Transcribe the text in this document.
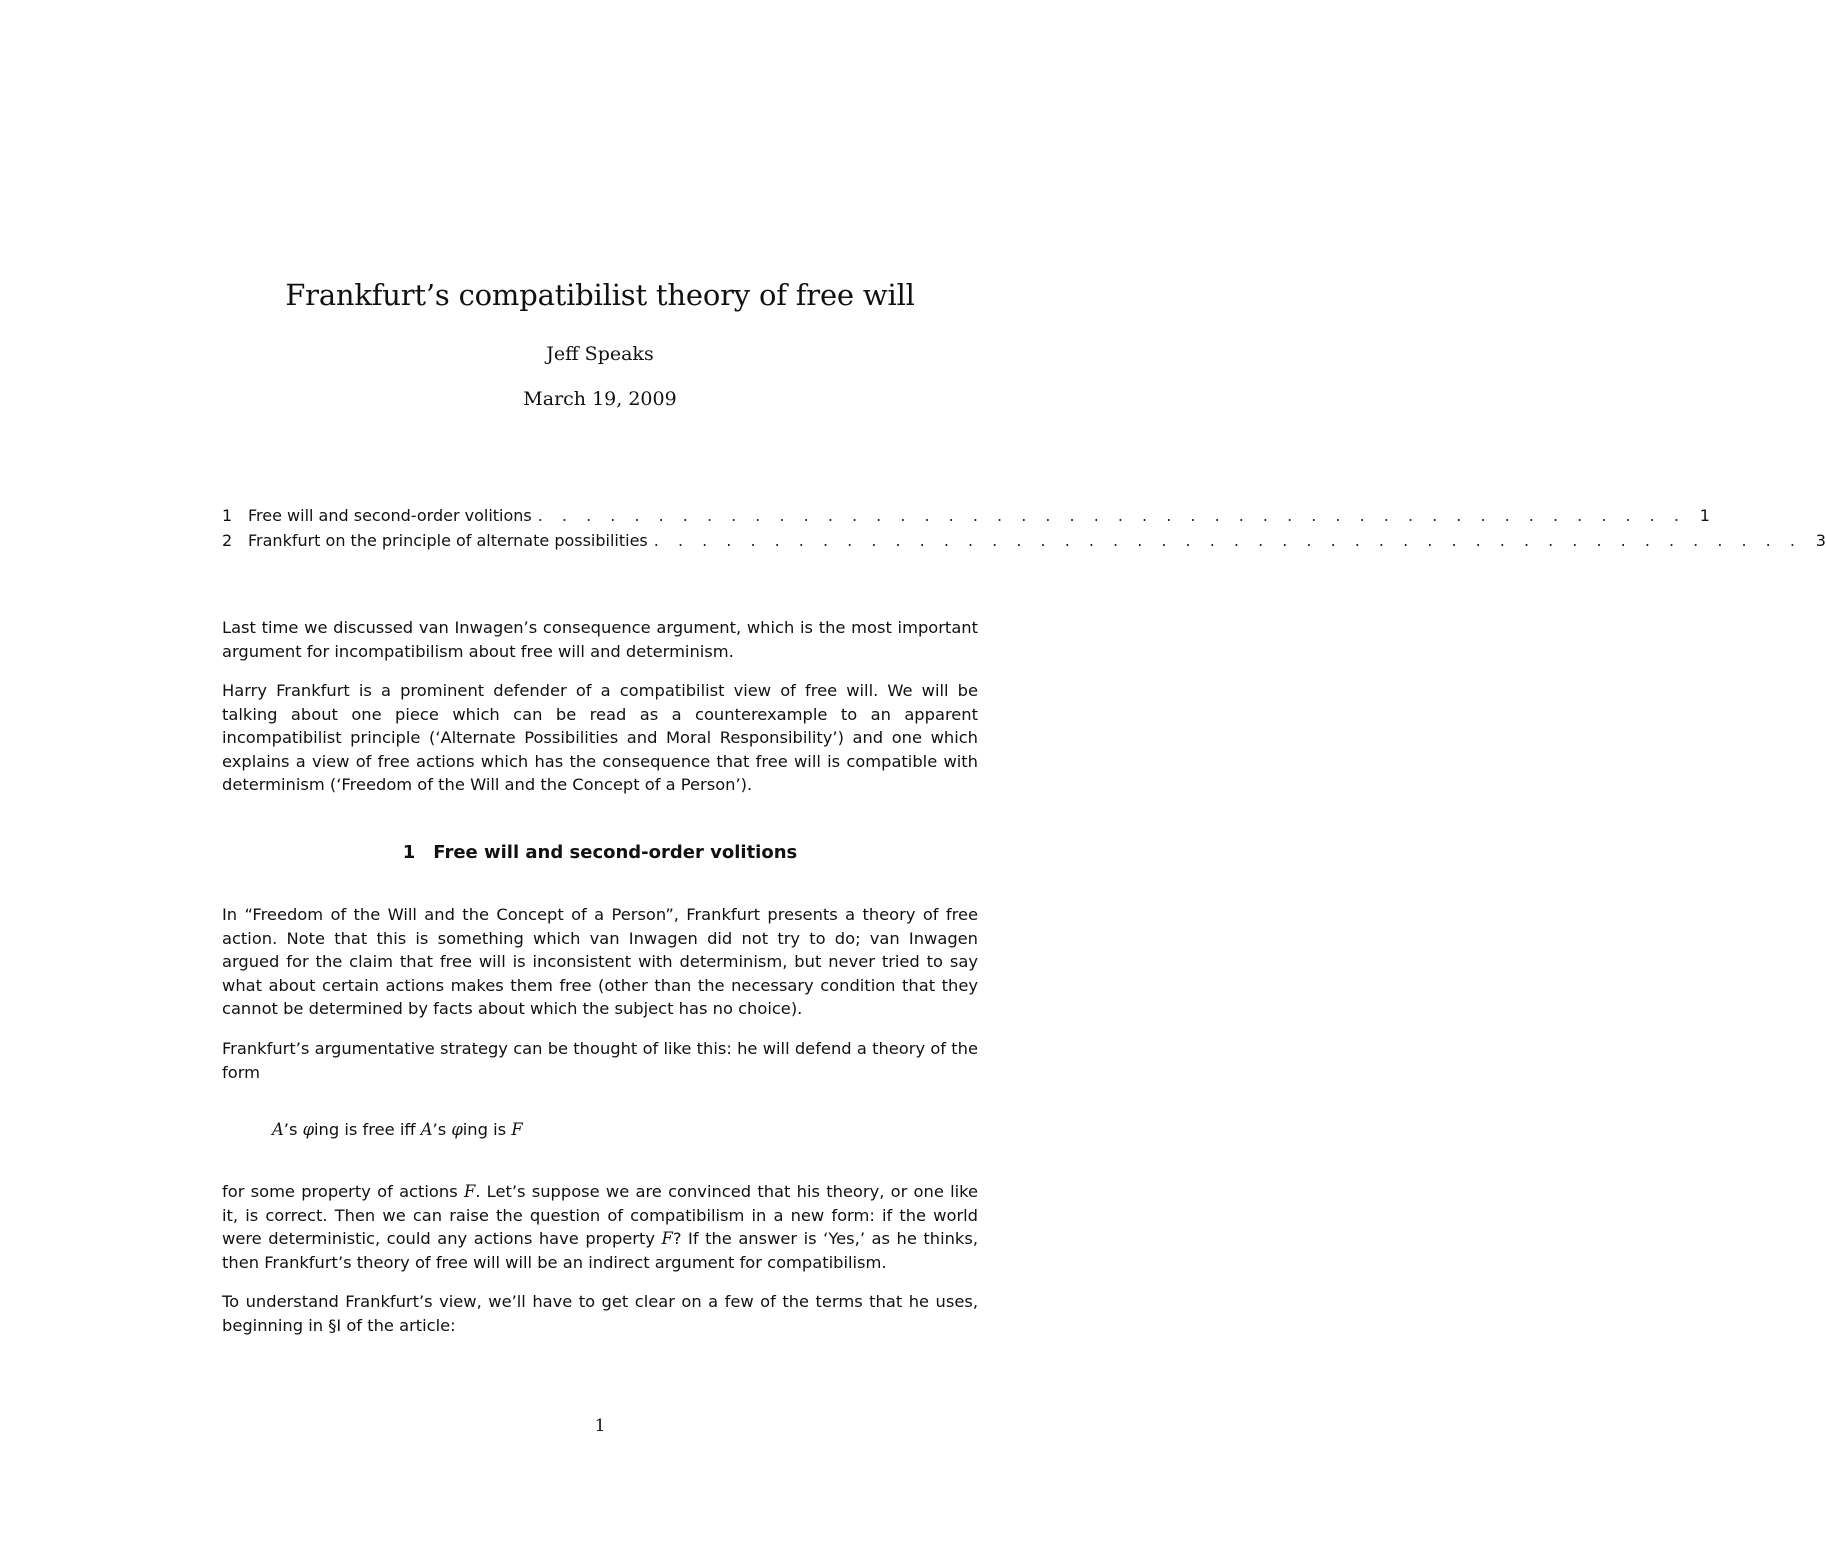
Frankfurt’s compatibilist theory of free will
Jeff Speaks
March 19, 2009
1 Free will and second-order volitions . . . . . . . . . . . . . . . . . . . . . . . . . . . . . . . . . . . . . . . . . . . . . . . . 1
2 Frankfurt on the principle of alternate possibilities . . . . . . . . . . . . . . . . . . . . . . . . . . . . . . . . . . . . . . . . . . . . . . . . 3

Last time we discussed van Inwagen’s consequence argument, which is the most important argument for incompatibilism about free will and determinism.

Harry Frankfurt is a prominent defender of a compatibilist view of free will. We will be talking about one piece which can be read as a counterexample to an apparent incompatibilist principle (‘Alternate Possibilities and Moral Responsibility’) and one which explains a view of free actions which has the consequence that free will is compatible with determinism (‘Freedom of the Will and the Concept of a Person’).

1 Free will and second-order volitions

In “Freedom of the Will and the Concept of a Person”, Frankfurt presents a theory of free action. Note that this is something which van Inwagen did not try to do; van Inwagen argued for the claim that free will is inconsistent with determinism, but never tried to say what about certain actions makes them free (other than the necessary condition that they cannot be determined by facts about which the subject has no choice).

Frankfurt’s argumentative strategy can be thought of like this: he will defend a theory of the form

A’s φing is free iff A’s φing is F

for some property of actions F. Let’s suppose we are convinced that his theory, or one like it, is correct. Then we can raise the question of compatibilism in a new form: if the world were deterministic, could any actions have property F? If the answer is ‘Yes,’ as he thinks, then Frankfurt’s theory of free will will be an indirect argument for compatibilism.

To understand Frankfurt’s view, we’ll have to get clear on a few of the terms that he uses, beginning in §I of the article:

1
